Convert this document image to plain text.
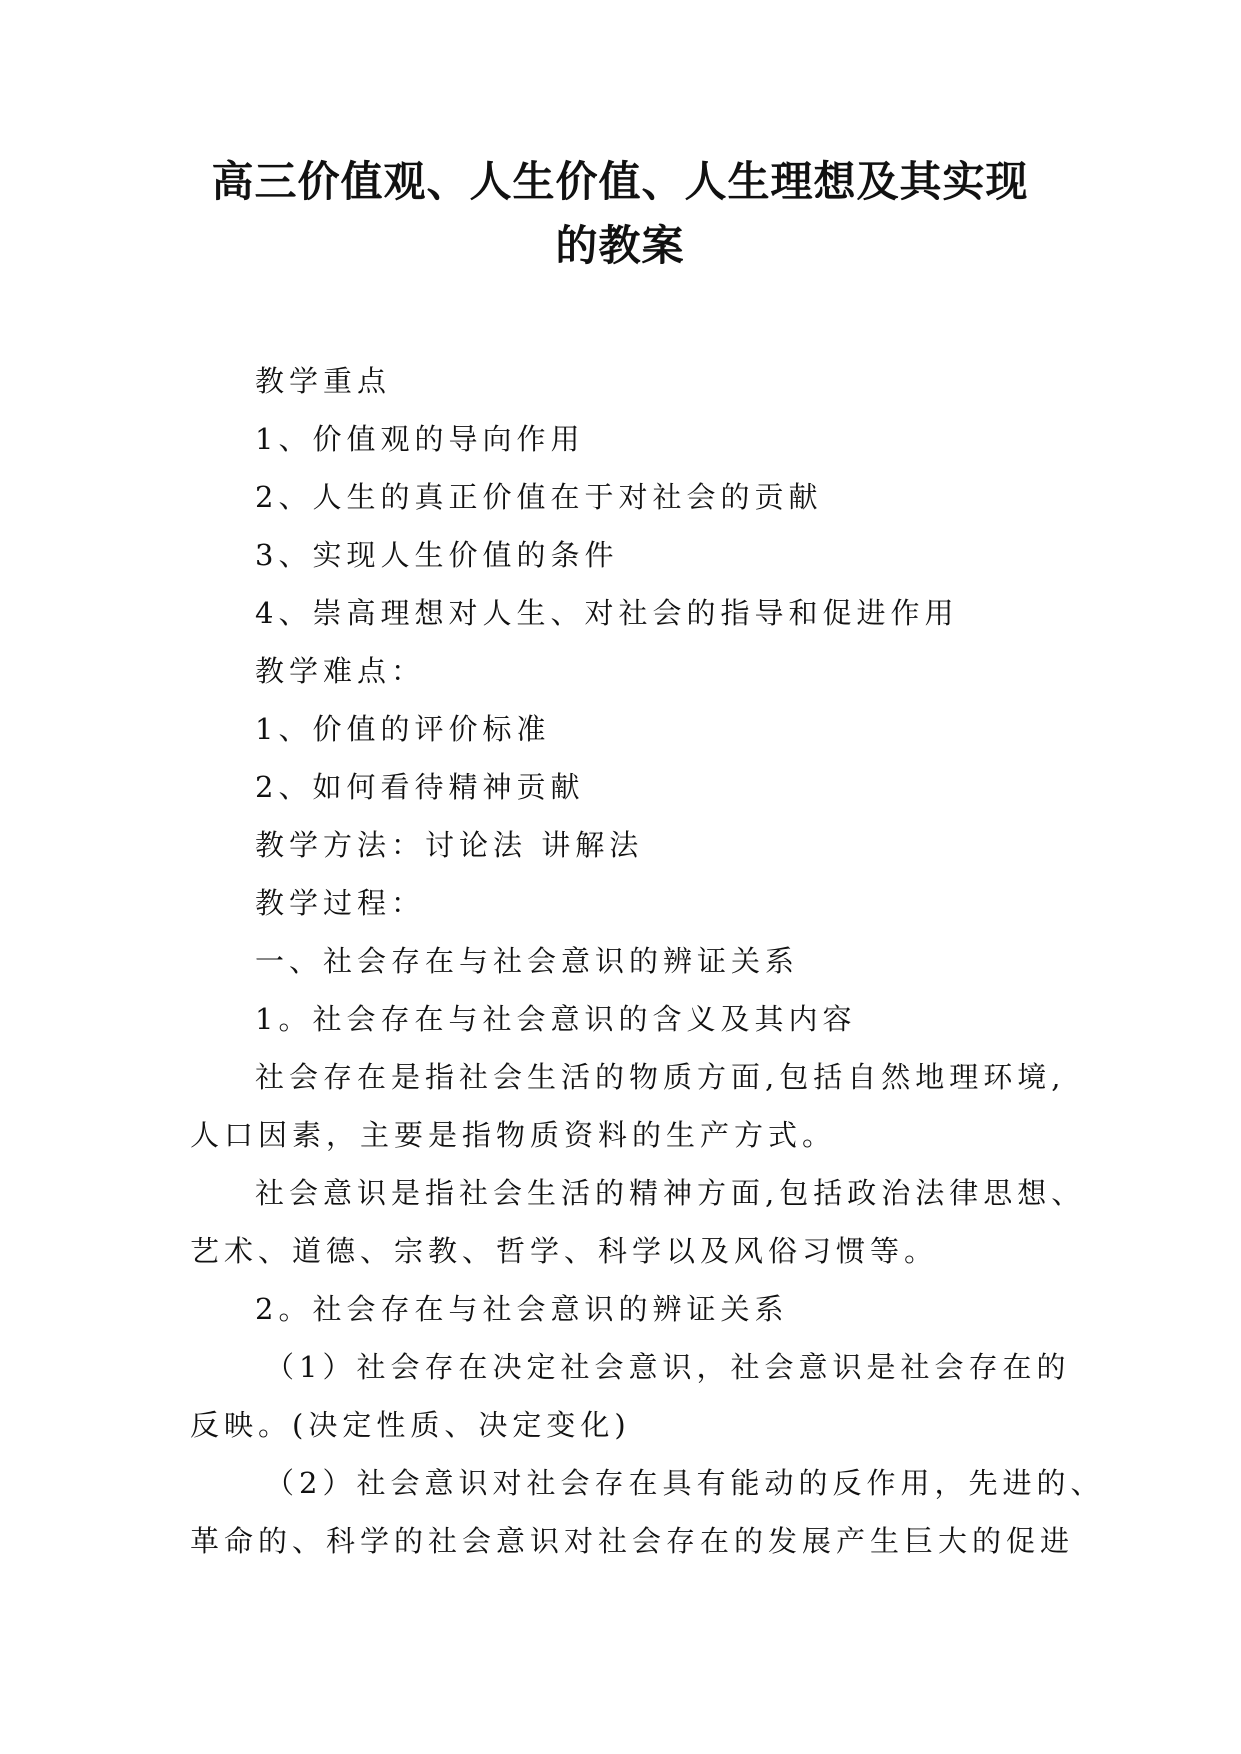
高三价值观、人生价值、人生理想及其实现
的教案
教学重点
1、价值观的导向作用
2、人生的真正价值在于对社会的贡献
3、实现人生价值的条件
4、崇高理想对人生、对社会的指导和促进作用
教学难点：
1、价值的评价标准
2、如何看待精神贡献
教学方法：讨论法 讲解法
教学过程：
一、社会存在与社会意识的辨证关系
1。社会存在与社会意识的含义及其内容
社会存在是指社会生活的物质方面,包括自然地理环境,
人口因素，主要是指物质资料的生产方式。
社会意识是指社会生活的精神方面,包括政治法律思想、
艺术、道德、宗教、哲学、科学以及风俗习惯等。
2。社会存在与社会意识的辨证关系
（1）社会存在决定社会意识，社会意识是社会存在的
反映。(决定性质、决定变化)
（2）社会意识对社会存在具有能动的反作用，先进的、
革命的、科学的社会意识对社会存在的发展产生巨大的促进
